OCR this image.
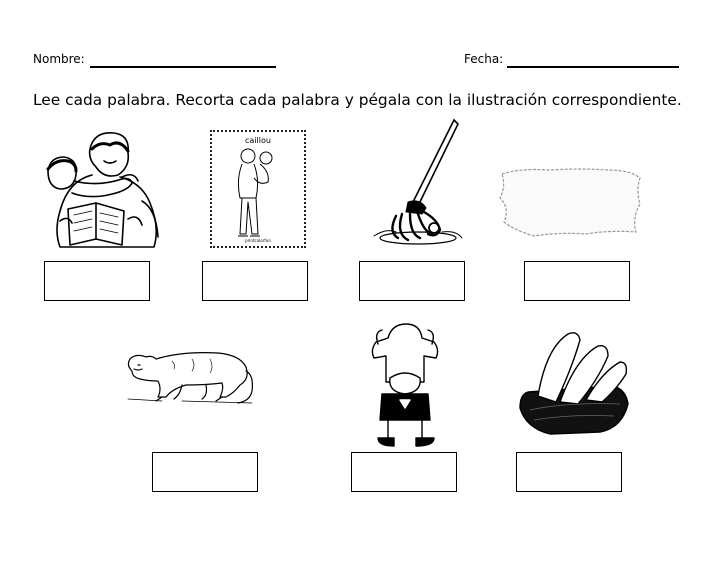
Nombre:	Fecha:
Lee cada palabra. Recorta cada palabra y pégala con la ilustración correspondiente.
caillou
printcolorfun
